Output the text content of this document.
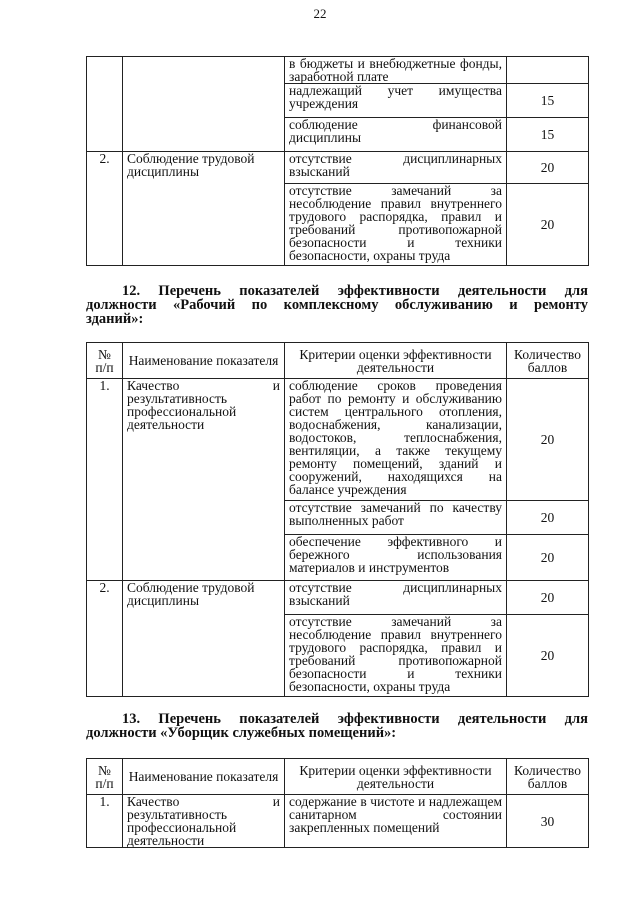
22
		в бюджеты и внебюджетные фонды, заработной плате	
		надлежащий учет имущества учреждения	15
		соблюдение финансовой дисциплины	15
2.	Соблюдение трудовой дисциплины	отсутствие дисциплинарных взысканий	20
		отсутствие замечаний за несоблюдение правил внутреннего трудового распорядка, правил и требований противопожарной безопасности и техники безопасности, охраны труда	20
12. Перечень показателей эффективности деятельности для
должности «Рабочий по комплексному обслуживанию и ремонту
зданий»:
№ п/п	Наименование показателя	Критерии оценки эффективности деятельности	Количество баллов
1.	Качество и результативность профессиональной деятельности	соблюдение сроков проведения работ по ремонту и обслуживанию систем центрального отопления, водоснабжения, канализации, водостоков, теплоснабжения, вентиляции, а также текущему ремонту помещений, зданий и сооружений, находящихся на балансе учреждения	20
		отсутствие замечаний по качеству выполненных работ	20
		обеспечение эффективного и бережного использования материалов и инструментов	20
2.	Соблюдение трудовой дисциплины	отсутствие дисциплинарных взысканий	20
		отсутствие замечаний за несоблюдение правил внутреннего трудового распорядка, правил и требований противопожарной безопасности и техники безопасности, охраны труда	20
13. Перечень показателей эффективности деятельности для
должности «Уборщик служебных помещений»:
№ п/п	Наименование показателя	Критерии оценки эффективности деятельности	Количество баллов
1.	Качество и результативность профессиональной деятельности	содержание в чистоте и надлежащем санитарном состоянии закрепленных помещений	30
